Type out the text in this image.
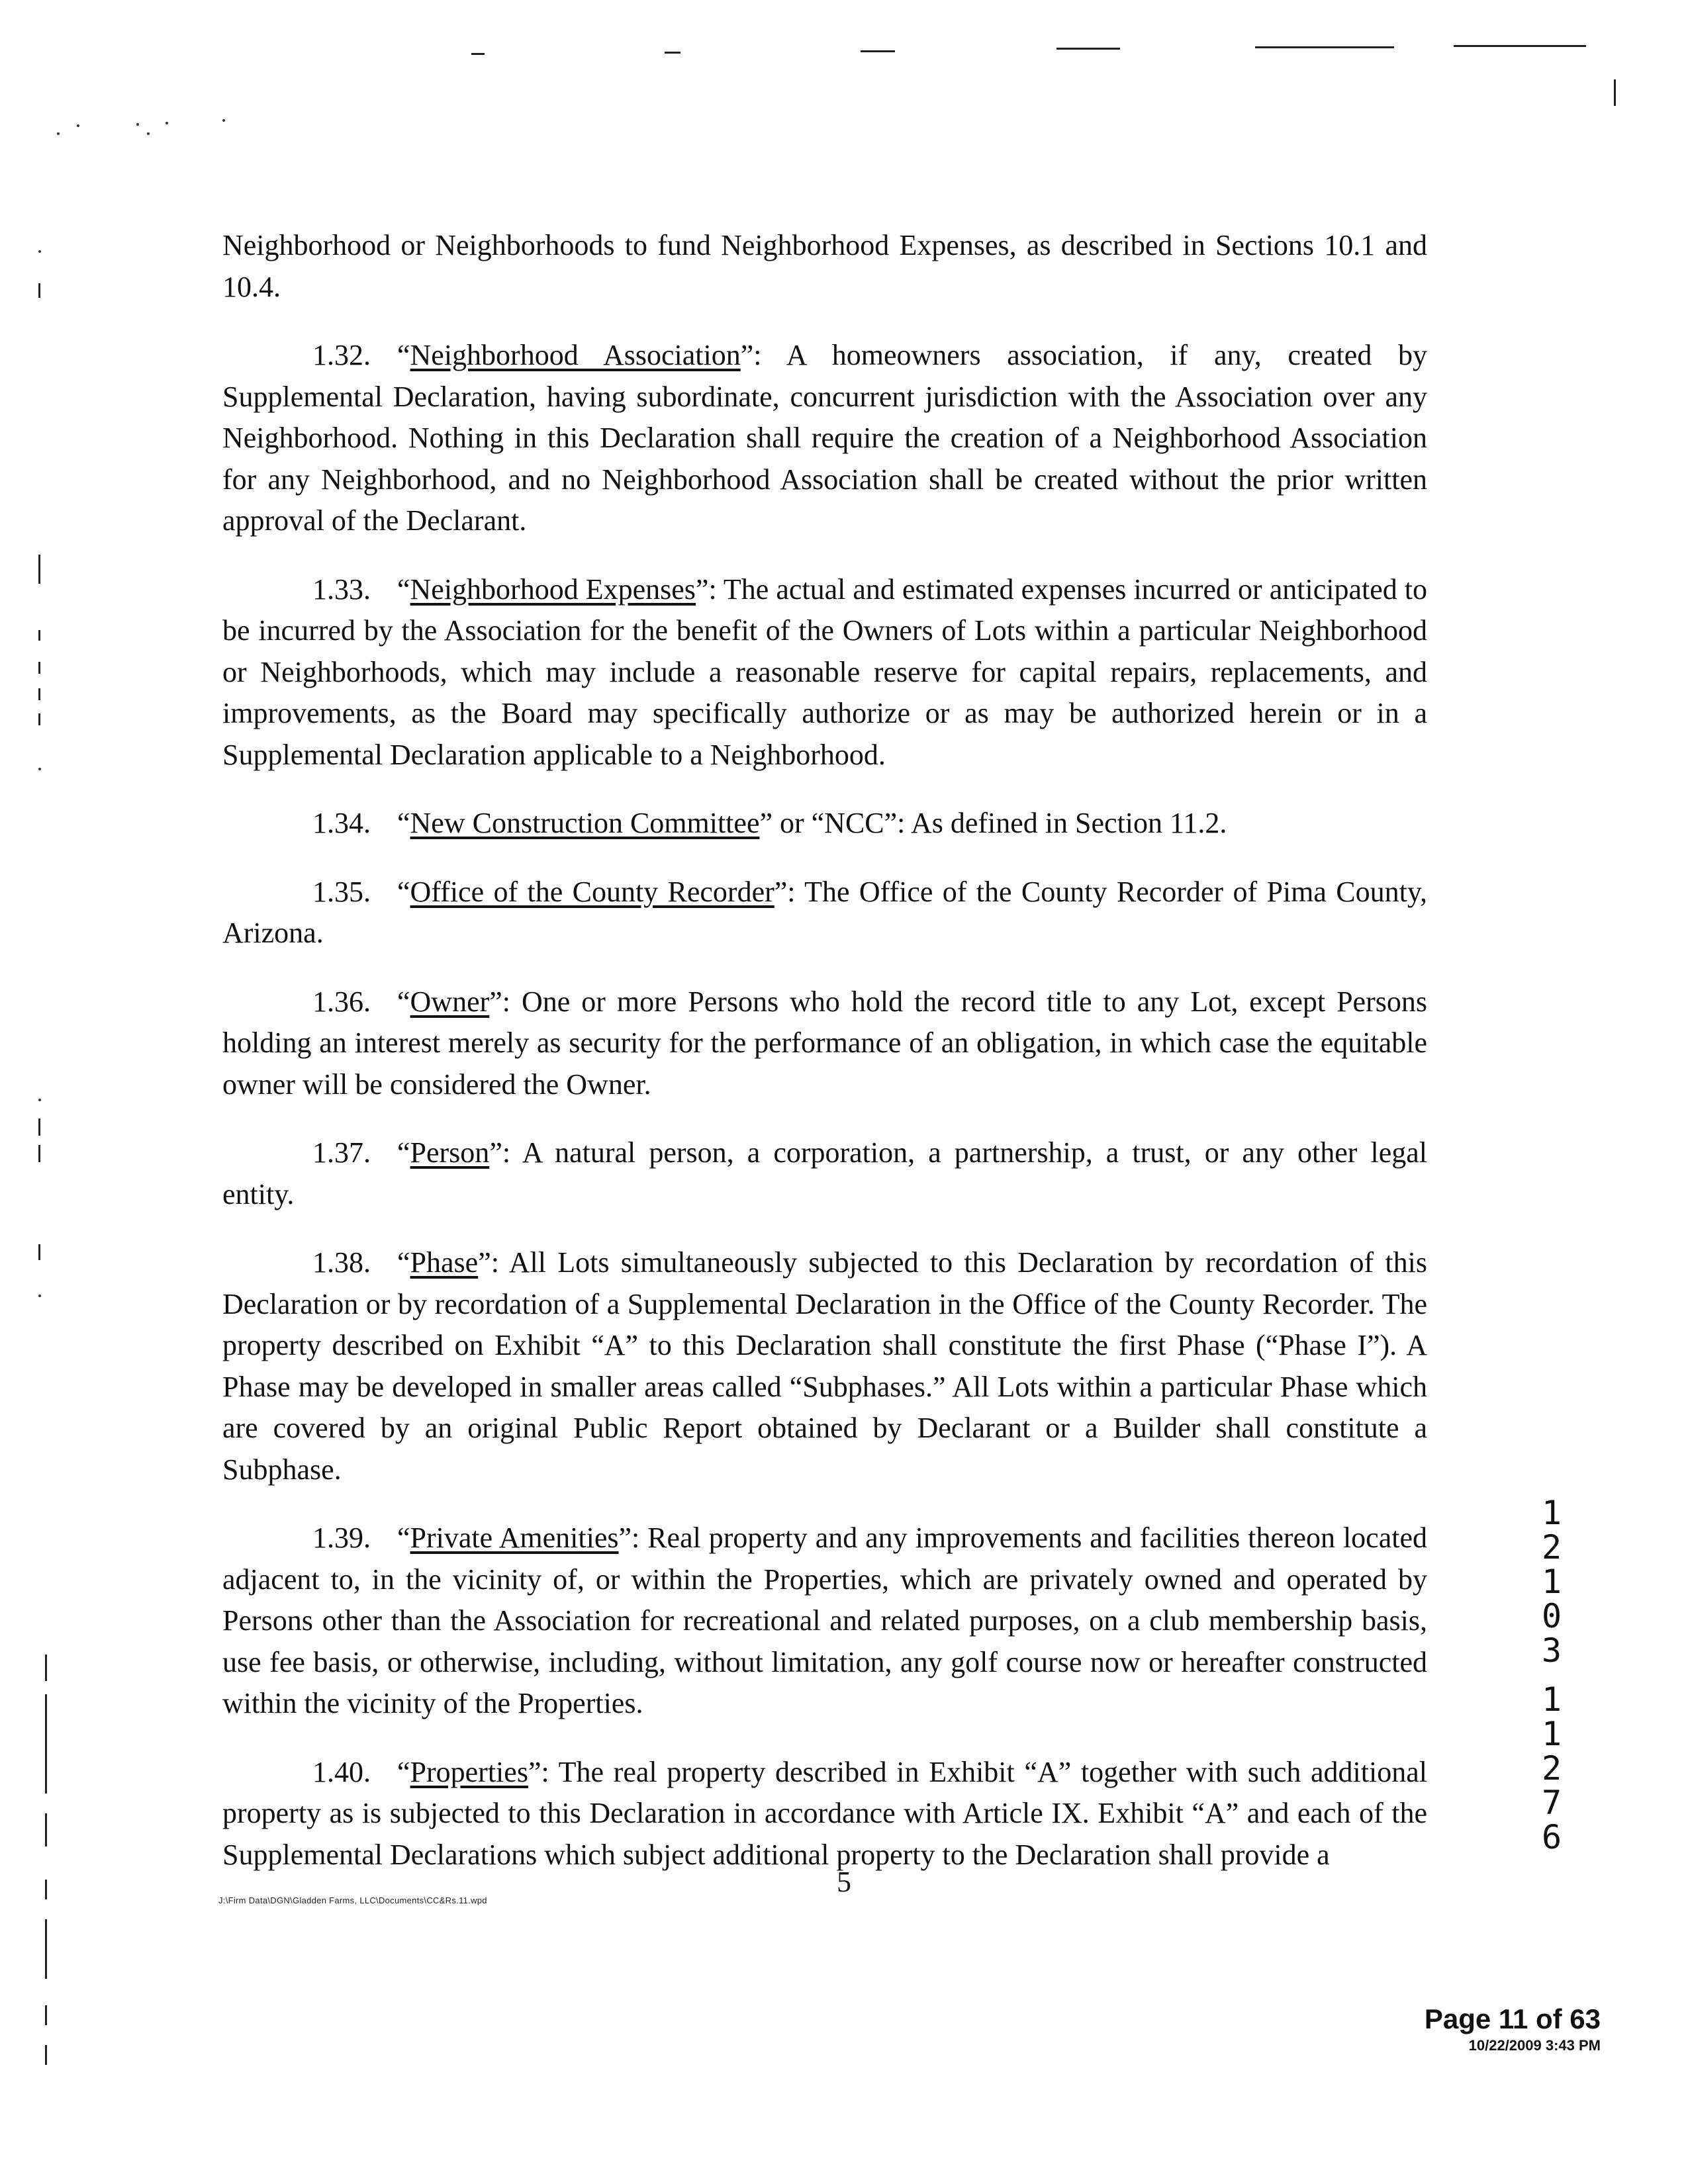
Neighborhood or Neighborhoods to fund Neighborhood Expenses, as described in Sections 10.1 and 10.4.

1.32. “Neighborhood Association”: A homeowners association, if any, created by Supplemental Declaration, having subordinate, concurrent jurisdiction with the Association over any Neighborhood. Nothing in this Declaration shall require the creation of a Neighborhood Association for any Neighborhood, and no Neighborhood Association shall be created without the prior written approval of the Declarant.

1.33. “Neighborhood Expenses”: The actual and estimated expenses incurred or anticipated to be incurred by the Association for the benefit of the Owners of Lots within a particular Neighborhood or Neighborhoods, which may include a reasonable reserve for capital repairs, replacements, and improvements, as the Board may specifically authorize or as may be authorized herein or in a Supplemental Declaration applicable to a Neighborhood.

1.34. “New Construction Committee” or “NCC”: As defined in Section 11.2.

1.35. “Office of the County Recorder”: The Office of the County Recorder of Pima County, Arizona.

1.36. “Owner”: One or more Persons who hold the record title to any Lot, except Persons holding an interest merely as security for the performance of an obligation, in which case the equitable owner will be considered the Owner.

1.37. “Person”: A natural person, a corporation, a partnership, a trust, or any other legal entity.

1.38. “Phase”: All Lots simultaneously subjected to this Declaration by recordation of this Declaration or by recordation of a Supplemental Declaration in the Office of the County Recorder. The property described on Exhibit “A” to this Declaration shall constitute the first Phase (“Phase I”). A Phase may be developed in smaller areas called “Subphases.” All Lots within a particular Phase which are covered by an original Public Report obtained by Declarant or a Builder shall constitute a Subphase.

1.39. “Private Amenities”: Real property and any improvements and facilities thereon located adjacent to, in the vicinity of, or within the Properties, which are privately owned and operated by Persons other than the Association for recreational and related purposes, on a club membership basis, use fee basis, or otherwise, including, without limitation, any golf course now or hereafter constructed within the vicinity of the Properties.

1.40. “Properties”: The real property described in Exhibit “A” together with such additional property as is subjected to this Declaration in accordance with Article IX. Exhibit “A” and each of the Supplemental Declarations which subject additional property to the Declaration shall provide a

5
J:\Firm Data\DGN\Gladden Farms, LLC\Documents\CC&Rs.11.wpd
1
2
1
0
3
1
1
2
7
6
Page 11 of 63
10/22/2009 3:43 PM
